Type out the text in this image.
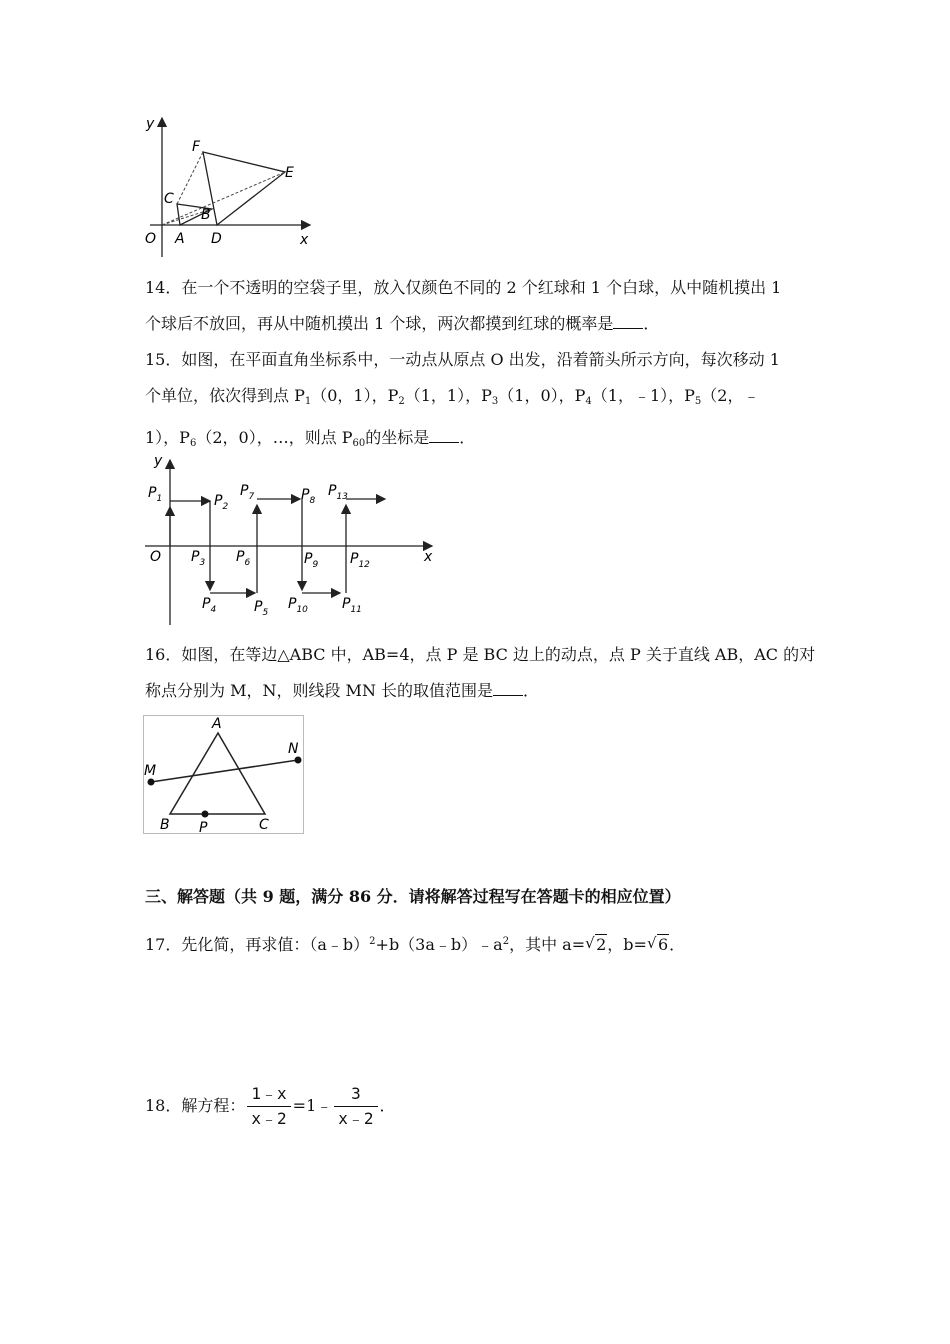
y
x
O A
B
C
D
E
F

14．在一个不透明的空袋子里，放入仅颜色不同的 2 个红球和 1 个白球，从中随机摸出 1

个球后不放回，再从中随机摸出 1 个球，两次都摸到红球的概率是 ．

15．如图，在平面直角坐标系中，一动点从原点 O 出发，沿着箭头所示方向，每次移动 1

个单位，依次得到点 $P_1(0$，1），$P_2(1$，1），$P_3(1$，0），$P_4(1$，﹣1），$P_5(2$，﹣

1），$P_6(2$，0），…，则点 $P_{60}$的坐标是 ．

y
x
O
$P_1$	$P_2$
$P_3$
$P_4$	$P_5$
$P_6$
$P_7$	$P_8$
$P_9$
$P_{10}$ $P_{11}$
$P_{12}$
$P_{13}$

16．如图，在等边△ABC 中，AB=4，点 P 是 BC 边上的动点，点 P 关于直线 AB，AC 的对

称点分别为 M，N，则线段 MN 长的取值范围是 ．

A
B	C
M
N
P

三、解答题（共 9 题，满分 86 分．请将解答过程写在答题卡的相应位置）

17．先化简，再求值：$(a﹣b)^2+b(3a﹣b)﹣a^2$，其中 a= √ 2，b= √ 6．

18．解方程： $\frac{1﹣x}{x﹣2}$ =1﹣ $\frac{3}{x﹣2}$ ．
